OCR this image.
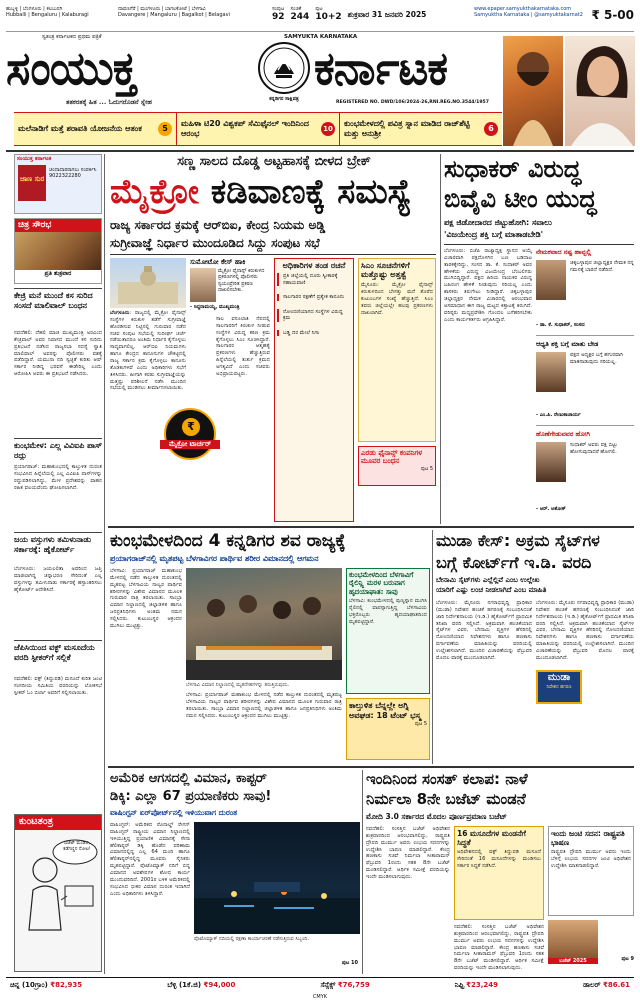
ಹುಬ್ಬಳ್ಳಿ | ಬೆಂಗಳೂರು | ಕಲಬುರಗಿ
Hubballi | Bengaluru | Kalaburagi
ದಾವಣಗೆರೆ | ಮಂಗಳೂರು | ಬಾಗಲಕೋಟೆ | ಬೆಳಗಾವಿ
Davangere | Mangaluru | Bagalkot | Belagavi
ಸಂಪುಟ
92
ಸಂಚಿಕೆ
244
ಪುಟ
10+2 ಶುಕ್ರವಾರ 31 ಜನವರಿ 2025
www.epaper.samyukthakarnataka.com
Samyuktha Karnataka | @samyuktakarnat2 ₹ 5-00
ಸ್ವತಂತ್ರ ಕರ್ನಾಟಕದ ಪ್ರಥಮ ಪತ್ರಿಕೆ	SAMYUKTA KARNATAKA
ಸಂಯುಕ್ತ
ಕನ್ನಡಿಗರ ಸಾಕ್ಷಿಪತ್ರ
ಕರ್ನಾಟಕ
ತತಕರತಕ್ಕೆ ಹಿತ ... ಓದುಗರೊಡನೆ ಸ್ನೇಹ	REGISTERED NO. DWD/106/2024-26,RNI.REG.NO.3544/1957
ಮಲೆನಾಡಿಗೆ ಮತ್ತೆ ಶರಾವತಿ ಯೋಜನೆಯ ಆತಂಕ	5
ಮಹಿಳಾ ಟಿ20 ವಿಶ್ವಕಪ್ ಸೆಮಿಫೈನಲ್ ಇಂದಿನಿಂದ ಆರಂಭ	10
ಕುಂಭಮೇಳದಲ್ಲಿ ಪವಿತ್ರ ಸ್ನಾನ ಮಾಡಿದ ರಾಜ್‌ಶೆಟ್ಟಿ ಮತ್ತು ಅನುಶ್ರೀ
6
ಸಂಯುಕ್ತ ಕರ್ನಾಟಕ
ಜಾಣ ಸುರ
ಚಂದಾದಾರರಾಗಲು ಸಂಪರ್ಕಿಸಿ 9022322280
ಚಿತ್ರ ಸೌರಭ
ಪ್ರತಿ ಶುಕ್ರವಾರ
ಕೇಜ್ರಿ ಮನೆ ಮುಂದೆ ಕಸ ಸುರಿದ ಸಂಸದೆ ಮಾಲಿವಾಲ್ ಬಂಧನ
ನವದೆಹಲಿ: ದೆಹಲಿ ಮಾಜಿ ಮುಖ್ಯಮಂತ್ರಿ ಅರವಿಂದ ಕೇಜ್ರಿವಾಲ್ ಅವರ ನಿವಾಸದ ಮುಂದೆ ಕಸ ಸುರಿದು ಪ್ರತಿಭಟನೆ ನಡೆಸಿದ ರಾಜ್ಯಸಭಾ ಸದಸ್ಯೆ ಸ್ವಾತಿ ಮಾಲಿವಾಲ್ ಅವರನ್ನು ಪೊಲೀಸರು ವಶಕ್ಕೆ ಪಡೆದಿದ್ದಾರೆ. ಯಮುನಾ ನದಿ ಸ್ವಚ್ಛತೆ ಕುರಿತು ಆಪ್ ಸರ್ಕಾರ ನೀಡಿದ್ದ ಭರವಸೆ ಈಡೇರಿಲ್ಲ ಎಂದು ಆರೋಪಿಸಿ ಅವರು ಈ ಪ್ರತಿಭಟನೆ ನಡೆಸಿದರು.
ಕುಂಭಮೇಳ: ಎಲ್ಲ ವಿವಿಐಪಿ ಪಾಸ್ ರದ್ದು
ಪ್ರಯಾಗರಾಜ್: ಮಹಾಕುಂಭದಲ್ಲಿ ಕಾಲ್ತುಳಿತ ದುರಂತ ಸಂಭವಿಸಿದ ಹಿನ್ನೆಲೆಯಲ್ಲಿ ಎಲ್ಲ ವಿವಿಐಪಿ ಪಾಸ್‌ಗಳನ್ನು ರದ್ದುಪಡಿಸಲಾಗಿದ್ದು, ಮೇಳ ಪ್ರದೇಶವನ್ನು ವಾಹನ ರಹಿತ ವಲಯವೆಂದು ಘೋಷಿಸಲಾಗಿದೆ.
ಜಯ ವಸ್ತುಗಳು ತಮಿಳುನಾಡು ಸರ್ಕಾರಕ್ಕೆ: ಹೈಕೋರ್ಟ್
ಬೆಂಗಳೂರು: ಜಯಲಲಿತಾ ಅವರಿಂದ ಜಪ್ತಿ ಮಾಡಲಾಗಿದ್ದ ಚಿನ್ನಾಭರಣ ಸೇರಿದಂತೆ ಎಲ್ಲ ವಸ್ತುಗಳನ್ನು ತಮಿಳುನಾಡು ಸರ್ಕಾರಕ್ಕೆ ಹಸ್ತಾಂತರಿಸಲು ಹೈಕೋರ್ಟ್ ಆದೇಶಿಸಿದೆ.
ಜೆಪಿಸಿಯಿಂದ ವಕ್ಫ್ ಮಸೂದೆಯ ವರದಿ ಸ್ಪೀಕರ್‌ಗೆ ಸಲ್ಲಿಕೆ
ನವದೆಹಲಿ: ವಕ್ಫ್ (ತಿದ್ದುಪಡಿ) ಮಸೂದೆ ಕುರಿತ ಜಂಟಿ ಸಂಸದೀಯ ಸಮಿತಿಯ ವರದಿಯನ್ನು ಲೋಕಸಭೆ ಸ್ಪೀಕರ್ ಓಂ ಬಿರ್ಲಾ ಅವರಿಗೆ ಸಲ್ಲಿಸಲಾಯಿತು.
ಕುಂಟತಂತ್ರ
ಬಜೆಟ್ ಮಂಡನೆ, ಕಡೆಗಣ್ಣಿನ ನೋಟ!
ಸಣ್ಣ ಸಾಲದ ದೊಡ್ಡ ಅಟ್ಟಹಾಸಕ್ಕೆ ಬೀಳದ ಬ್ರೇಕ್
ಮೈಕ್ರೋ ಕಡಿವಾಣಕ್ಕೆ ಸಮಸ್ಯೆ
ರಾಜ್ಯ ಸರ್ಕಾರದ ಕ್ರಮಕ್ಕೆ ಆರ್‌ಬಿಐ, ಕೇಂದ್ರ ನಿಯಮ ಅಡ್ಡಿ
ಸುಗ್ರೀವಾಜ್ಞೆ ನಿರ್ಧಾರ ಮುಂದೂಡಿದ ಸಿದ್ದು ಸಂಪುಟ ಸಭೆ
ಬೆಂಗಳೂರು: ರಾಜ್ಯದಲ್ಲಿ ಮೈಕ್ರೋ ಫೈನಾನ್ಸ್ ಸಂಸ್ಥೆಗಳ ಕಿರುಕುಳ ತಡೆಗೆ ಸುಗ್ರೀವಾಜ್ಞೆ ಹೊರಡಿಸುವ ನಿಟ್ಟಿನಲ್ಲಿ ಗುರುವಾರ ನಡೆದ ಸಚಿವ ಸಂಪುಟ ಸಭೆಯಲ್ಲಿ ಸುದೀರ್ಘ ಚರ್ಚೆ ನಡೆಯಿತಾದರೂ ಅಂತಿಮ ನಿರ್ಧಾರ ಕೈಗೊಳ್ಳಲು ಸಾಧ್ಯವಾಗಲಿಲ್ಲ. ಆರ್‌ಬಿಐ ನಿಯಮಗಳು ಹಾಗೂ ಕೇಂದ್ರದ ಕಾನೂನುಗಳ ಚೌಕಟ್ಟಿನಲ್ಲಿ ರಾಜ್ಯ ಸರ್ಕಾರ ಕ್ರಮ ಕೈಗೊಳ್ಳಲು ಕಾನೂನು ತೊಡಕುಗಳಿವೆ ಎಂದು ಅಧಿಕಾರಿಗಳು ಸಭೆಗೆ ತಿಳಿಸಿದರು. ಹೀಗಾಗಿ ಕರಡು ಸುಗ್ರೀವಾಜ್ಞೆಯನ್ನು ಮತ್ತಷ್ಟು ಪರಿಶೀಲನೆ ನಡೆಸಿ ಮುಂದಿನ ಸಭೆಯಲ್ಲಿ ಮಂಡಿಸಲು ತೀರ್ಮಾನಿಸಲಾಯಿತು.
₹
ಮೈಕ್ರೋ ಟಾರ್ಚರ್
ಸುಮೋಟೋ ಕೇಸ್ ಹಾಕಿ
ಮೈಕ್ರೋ ಫೈನಾನ್ಸ್ ಕಿರುಕುಳದ ಪ್ರಕರಣಗಳಲ್ಲಿ ಪೊಲೀಸರು ಸ್ವಯಂಪ್ರೇರಿತ ಪ್ರಕರಣ ದಾಖಲಿಸಬೇಕು.
- ಸಿದ್ದರಾಮಯ್ಯ, ಮುಖ್ಯಮಂತ್ರಿ
ಸಾಲ ವಸೂಲಾತಿ ನೆಪದಲ್ಲಿ ಸಾಲಗಾರರಿಗೆ ಕಿರುಕುಳ ನೀಡುವ ಸಂಸ್ಥೆಗಳ ವಿರುದ್ಧ ಕಠಿಣ ಕ್ರಮ ಕೈಗೊಳ್ಳಲು ಸಿಎಂ ಸೂಚಿಸಿದ್ದಾರೆ. ಸಾಲಗಾರರ ಆತ್ಮಹತ್ಯೆ ಪ್ರಕರಣಗಳು ಹೆಚ್ಚುತ್ತಿರುವ ಹಿನ್ನೆಲೆಯಲ್ಲಿ ತುರ್ತು ಕ್ರಮದ ಅಗತ್ಯವಿದೆ ಎಂದು ಸಚಿವರು ಅಭಿಪ್ರಾಯಪಟ್ಟರು.
ಅಧಿಕಾರಿಗಳ ತಂಡ ರಚನೆ
ಪ್ರತಿ ಜಿಲ್ಲೆಯಲ್ಲಿ ದೂರು ಸ್ವೀಕಾರಕ್ಕೆ ಸಹಾಯವಾಣಿ
ಸಾಲಗಾರರ ರಕ್ಷಣೆಗೆ ಪ್ರತ್ಯೇಕ ಕಾನೂನು
ನೋಂದಣಿಯಾಗದ ಸಂಸ್ಥೆಗಳ ವಿರುದ್ಧ ಕ್ರಮ
ಬಡ್ಡಿ ದರ ಮೇಲೆ ನಿಗಾ
ಸಿಎಂ ಸೂಚನೆಗಳಿಗೆ ಮತ್ತೊಷ್ಟು ಅತ್ತತ್ವೆ
ಮೈಸೂರು: ಮೈಕ್ರೋ ಫೈನಾನ್ಸ್ ಕಿರುಕುಳದಿಂದ ಬೇಸತ್ತು ಮನೆ ತೊರೆದ ಕುಟುಂಬಗಳ ಸಂಖ್ಯೆ ಹೆಚ್ಚುತ್ತಿದೆ. ಸಿಎಂ ತವರು ಜಿಲ್ಲೆಯಲ್ಲೇ ಹಲವು ಪ್ರಕರಣಗಳು ದಾಖಲಾಗಿವೆ.
ಎರಡು ಫೈನಾನ್ಸ್ ಕಂಪನಿಗಳ ಮೂವರ ಬಂಧನ
ಪುಟ 5
ಸುಧಾಕರ್ ವಿರುದ್ಧ
ಬಿವೈವಿ ಟೀಂ ಯುದ್ಧ
ಪಕ್ಷ ಜಿಡೋದಾರದ ಜಿಟ್ಟುಹೋಗಿ: ಸವಾಲು
'ವಿಜಯೇಂದ್ರ ಶಕ್ತಿ ಬಗ್ಗೆ ಮಾತಾಡಬೇಡಿ'
ಬೆಂಗಳೂರು: ಬಿಜೆಪಿ ರಾಜ್ಯಾಧ್ಯಕ್ಷ ಸ್ಥಾನದ ಆಯ್ಕೆ ವಿಚಾರವಾಗಿ ಪಕ್ಷದೊಳಗಿನ ಬಣ ಬಡಿದಾಟ ತಾರಕಕ್ಕೇರಿದ್ದು, ಸಂಸದ ಡಾ. ಕೆ. ಸುಧಾಕರ್ ಅವರ ಹೇಳಿಕೆಯ ವಿರುದ್ಧ ವಿಜಯೇಂದ್ರ ಬೆಂಬಲಿಗರು ಮುಗಿಬಿದ್ದಿದ್ದಾರೆ. ಪಕ್ಷದ ಹಿರಿಯ ನಾಯಕರ ವಿರುದ್ಧ ಬಹಿರಂಗ ಹೇಳಿಕೆ ನೀಡುವುದು ಸರಿಯಲ್ಲ ಎಂದು ಶಾಸಕರು ತಿರುಗೇಟು ನೀಡಿದ್ದಾರೆ. ಚಿಕ್ಕಬಳ್ಳಾಪುರ ಜಿಲ್ಲಾಧ್ಯಕ್ಷರ ನೇಮಕ ವಿಚಾರದಲ್ಲಿ ಆರಂಭವಾದ ಅಸಮಾಧಾನ ಈಗ ರಾಜ್ಯ ಮಟ್ಟದ ಕಿತ್ತಾಟಕ್ಕೆ ತಿರುಗಿದೆ. ವರಿಷ್ಠರು ಮಧ್ಯಪ್ರವೇಶಿಸಿ ಗೊಂದಲ ಬಗೆಹರಿಸಬೇಕು ಎಂದು ಕಾರ್ಯಕರ್ತರು ಆಗ್ರಹಿಸಿದ್ದಾರೆ.
ನೇಮಕವಾದ ನಷ್ಟ ಹಾವ್ಬಲ್ಲಿ
ಚಿಕ್ಕಬಳ್ಳಾಪುರ ಜಿಲ್ಲಾಧ್ಯಕ್ಷರ ನೇಮಕ ನನ್ನ ಗಮನಕ್ಕೆ ಬಾರದೆ ನಡೆದಿದೆ.
- ಡಾ. ಕೆ. ಸುಧಾಕರ್, ಸಂಸದ
ಆಧ್ಯತಿ ಶಕ್ತಿ ಬಗ್ಗೆ ಮಾತು ಬೇಡ
ಪಕ್ಷದ ಅಧ್ಯಕ್ಷರ ಬಗ್ಗೆ ಹಗುರವಾಗಿ ಮಾತನಾಡುವುದು ಸರಿಯಲ್ಲ.
- ಎಂ.ಪಿ. ರೇಣುಕಾಚಾರ್ಯ
ಹೊಣೆಗೇಡುವವರ ಹೋಗಿ
ಸುಧಾಕರ್ ಅವರು ಪಕ್ಷ ಬಿಟ್ಟು ಹೋಗುವುದಾದರೆ ಹೋಗಲಿ.
- ಆರ್. ಅಶೋಕ್
ಕುಂಭಮೇಳದಿಂದ 4 ಕನ್ನಡಿಗರ ಶವ ರಾಜ್ಯಕ್ಕೆ
ಪ್ರಯಾಗರಾಜ್‌ನಲ್ಲಿ ಮೃತಪಟ್ಟ ಬೆಳಗಾವಿಗರ ಪಾರ್ಥಿವ ಶರೀರ ವಿಮಾನದಲ್ಲಿ ಆಗಮನ
ಬೆಳಗಾವಿ: ಪ್ರಯಾಗರಾಜ್ ಮಹಾಕುಂಭ ಮೇಳದಲ್ಲಿ ನಡೆದ ಕಾಲ್ತುಳಿತ ದುರಂತದಲ್ಲಿ ಮೃತಪಟ್ಟ ಬೆಳಗಾವಿಯ ನಾಲ್ವರ ಪಾರ್ಥಿವ ಶರೀರಗಳನ್ನು ವಿಶೇಷ ವಿಮಾನದ ಮೂಲಕ ಗುರುವಾರ ರಾತ್ರಿ ತರಲಾಯಿತು. ಸಾಂಬ್ರಾ ವಿಮಾನ ನಿಲ್ದಾಣದಲ್ಲಿ ಜಿಲ್ಲಾಡಳಿತ ಹಾಗೂ ಜನಪ್ರತಿನಿಧಿಗಳು ಅಂತಿಮ ನಮನ ಸಲ್ಲಿಸಿದರು. ಕುಟುಂಬಸ್ಥರ ಆಕ್ರಂದನ ಮುಗಿಲು ಮುಟ್ಟಿತ್ತು.
ಬೆಳಗಾವಿ ವಿಮಾನ ನಿಲ್ದಾಣದಲ್ಲಿ ಮೃತದೇಹಗಳನ್ನು ತರುತ್ತಿರುವುದು.
ಬೆಳಗಾವಿ: ಪ್ರಯಾಗರಾಜ್ ಮಹಾಕುಂಭ ಮೇಳದಲ್ಲಿ ನಡೆದ ಕಾಲ್ತುಳಿತ ದುರಂತದಲ್ಲಿ ಮೃತಪಟ್ಟ ಬೆಳಗಾವಿಯ ನಾಲ್ವರ ಪಾರ್ಥಿವ ಶರೀರಗಳನ್ನು ವಿಶೇಷ ವಿಮಾನದ ಮೂಲಕ ಗುರುವಾರ ರಾತ್ರಿ ತರಲಾಯಿತು. ಸಾಂಬ್ರಾ ವಿಮಾನ ನಿಲ್ದಾಣದಲ್ಲಿ ಜಿಲ್ಲಾಡಳಿತ ಹಾಗೂ ಜನಪ್ರತಿನಿಧಿಗಳು ಅಂತಿಮ ನಮನ ಸಲ್ಲಿಸಿದರು. ಕುಟುಂಬಸ್ಥರ ಆಕ್ರಂದನ ಮುಗಿಲು ಮುಟ್ಟಿತ್ತು.
ಕುಂಭಮೇಳದಿಂದ ಬೆಳಗಾವಿಗೆ ರೈಲಿನ್ಲ್ಲಿ ಮರಳ ಬರುವಾಗ ಹೃದಯಾಘಾತ: ಸಾವು
ಬೆಳಗಾವಿ: ಕುಂಭಮೇಳದಲ್ಲಿ ಪುಣ್ಯಸ್ನಾನ ಮುಗಿಸಿ ರೈಲಿನಲ್ಲಿ ವಾಪಸ್ಸಾಗುತ್ತಿದ್ದ ಬೆಳಗಾವಿಯ ಭಕ್ತರೊಬ್ಬರು ಹೃದಯಾಘಾತದಿಂದ ಮೃತಪಟ್ಟಿದ್ದಾರೆ.
ಕಾಲ್ತುಳಿತ ಬೆನ್ನಲ್ಲೇ ಅಗ್ನಿ ಅವಘಡ: 18 ಟೆಂಟ್ ಭಸ್ಮ
ಪುಟ 5
ಮುಡಾ ಕೇಸ್: ಅಕ್ರಮ ಸೈಟ್‌ಗಳ
ಬಗ್ಗೆ ಕೋರ್ಟ್‌ಗೆ ಇ.ಡಿ. ವರದಿ
ಬೇನಾಮಿ ಸೈಟ್‌ಗಳು ಎಲ್ಲೆಲ್ಲಿವೆ ಎಂಬ ಉಲ್ಲೇಖ
ಯಾರಿಗೆ ಎಷ್ಟು ಲಂಚ ನೀಡಲಾಗಿದೆ ಎಂಬ ಮಾಹಿತಿ
ಬೆಂಗಳೂರು: ಮೈಸೂರು ನಗರಾಭಿವೃದ್ಧಿ ಪ್ರಾಧಿಕಾರ (ಮುಡಾ) ನಿವೇಶನ ಹಂಚಿಕೆ ಹಗರಣಕ್ಕೆ ಸಂಬಂಧಿಸಿದಂತೆ ಜಾರಿ ನಿರ್ದೇಶನಾಲಯ (ಇ.ಡಿ.) ಹೈಕೋರ್ಟ್‌ಗೆ ಪ್ರಾಥಮಿಕ ತನಿಖಾ ವರದಿ ಸಲ್ಲಿಸಿದೆ. ಅಕ್ರಮವಾಗಿ ಹಂಚಿಕೆಯಾದ ಸೈಟ್‌ಗಳ ವಿವರ, ಬೇನಾಮಿ ವ್ಯಕ್ತಿಗಳ ಹೆಸರಿನಲ್ಲಿ ನೋಂದಣಿಯಾದ ನಿವೇಶನಗಳು ಹಾಗೂ ಹಣಕಾಸು ವರ್ಗಾವಣೆಯ ಮಾಹಿತಿಯನ್ನು ವರದಿಯಲ್ಲಿ ಉಲ್ಲೇಖಿಸಲಾಗಿದೆ. ಮುಂದಿನ ವಿಚಾರಣೆಯನ್ನು ಫೆಬ್ರುವರಿ ಮೊದಲ ವಾರಕ್ಕೆ ಮುಂದೂಡಲಾಗಿದೆ.
ಬೆಂಗಳೂರು: ಮೈಸೂರು ನಗರಾಭಿವೃದ್ಧಿ ಪ್ರಾಧಿಕಾರ (ಮುಡಾ) ನಿವೇಶನ ಹಂಚಿಕೆ ಹಗರಣಕ್ಕೆ ಸಂಬಂಧಿಸಿದಂತೆ ಜಾರಿ ನಿರ್ದೇಶನಾಲಯ (ಇ.ಡಿ.) ಹೈಕೋರ್ಟ್‌ಗೆ ಪ್ರಾಥಮಿಕ ತನಿಖಾ ವರದಿ ಸಲ್ಲಿಸಿದೆ. ಅಕ್ರಮವಾಗಿ ಹಂಚಿಕೆಯಾದ ಸೈಟ್‌ಗಳ ವಿವರ, ಬೇನಾಮಿ ವ್ಯಕ್ತಿಗಳ ಹೆಸರಿನಲ್ಲಿ ನೋಂದಣಿಯಾದ ನಿವೇಶನಗಳು ಹಾಗೂ ಹಣಕಾಸು ವರ್ಗಾವಣೆಯ ಮಾಹಿತಿಯನ್ನು ವರದಿಯಲ್ಲಿ ಉಲ್ಲೇಖಿಸಲಾಗಿದೆ. ಮುಂದಿನ ವಿಚಾರಣೆಯನ್ನು ಫೆಬ್ರುವರಿ ಮೊದಲ ವಾರಕ್ಕೆ ಮುಂದೂಡಲಾಗಿದೆ.
ಮುಡಾ
ನಿವೇಶನ ಹಗರಣ
ಅಮೆರಿಕ ಆಗಸದಲ್ಲಿ ವಿಮಾನ, ಕಾಪ್ಟರ್
ಡಿಕ್ಕಿ: ಎಲ್ಲಾ 67 ಪ್ರಯಾಣಿಕರು ಸಾವು!
ವಾಷಿಂಗ್ಟನ್ ಏರ್‌ಪೋರ್ಟ್‌ನಲ್ಲಿ ಇಳಿಯುವಾಗ ದುರಂತ
ವಾಷಿಂಗ್ಟನ್: ಅಮೆರಿಕದ ರೊನಾಲ್ಡ್ ರೇಗನ್ ವಾಷಿಂಗ್ಟನ್ ರಾಷ್ಟ್ರೀಯ ವಿಮಾನ ನಿಲ್ದಾಣದಲ್ಲಿ ಇಳಿಯುತ್ತಿದ್ದ ಪ್ರಯಾಣಿಕ ವಿಮಾನಕ್ಕೆ ಸೇನಾ ಹೆಲಿಕಾಪ್ಟರ್ ಡಿಕ್ಕಿ ಹೊಡೆದ ಪರಿಣಾಮ ವಿಮಾನದಲ್ಲಿದ್ದ ಎಲ್ಲ 64 ಮಂದಿ ಹಾಗೂ ಹೆಲಿಕಾಪ್ಟರ್‌ನಲ್ಲಿದ್ದ ಮೂವರು ಸೈನಿಕರು ಮೃತಪಟ್ಟಿದ್ದಾರೆ. ಪೊಟೊಮ್ಯಾಕ್ ನದಿಗೆ ಬಿದ್ದ ವಿಮಾನದ ಅವಶೇಷಗಳ ಶೋಧ ಕಾರ್ಯ ಮುಂದುವರಿದಿದೆ. 2001ರ ಬಳಿಕ ಅಮೆರಿಕದಲ್ಲಿ ಸಂಭವಿಸಿದ ಭೀಕರ ವಿಮಾನ ದುರಂತ ಇದಾಗಿದೆ ಎಂದು ಅಧಿಕಾರಿಗಳು ತಿಳಿಸಿದ್ದಾರೆ.
ಪೊಟೊಮ್ಯಾಕ್ ನದಿಯಲ್ಲಿ ರಕ್ಷಣಾ ಕಾರ್ಯಾಚರಣೆ ನಡೆಸುತ್ತಿರುವ ಸಿಬ್ಬಂದಿ.
ಪುಟ 10
ಇಂದಿನಿಂದ ಸಂಸತ್ ಕಲಾಪ: ನಾಳೆ
ನಿರ್ಮಲಾ 8ನೇ ಬಜೆಟ್ ಮಂಡನೆ
ಮೋದಿ 3.0 ಸರ್ಕಾರದ ಮೊದಲ ಪೂರ್ಣಪ್ರಮಾಣ ಬಜೆಟ್
16 ಮಸೂದೆಗಳ ಮಂಡನೆಗೆ ಸಿದ್ಧತೆ
ಅಧಿವೇಶನದಲ್ಲಿ ವಕ್ಫ್ ತಿದ್ದುಪಡಿ ಮಸೂದೆ ಸೇರಿದಂತೆ 16 ಮಸೂದೆಗಳನ್ನು ಮಂಡಿಸಲು ಸರ್ಕಾರ ಸಿದ್ಧತೆ ನಡೆಸಿದೆ.
ನವದೆಹಲಿ: ಸಂಸತ್ತಿನ ಬಜೆಟ್ ಅಧಿವೇಶನ ಶುಕ್ರವಾರದಿಂದ ಆರಂಭವಾಗಲಿದ್ದು, ರಾಷ್ಟ್ರಪತಿ ದ್ರೌಪದಿ ಮುರ್ಮು ಅವರು ಉಭಯ ಸದನಗಳನ್ನು ಉದ್ದೇಶಿಸಿ ಭಾಷಣ ಮಾಡಲಿದ್ದಾರೆ. ಕೇಂದ್ರ ಹಣಕಾಸು ಸಚಿವೆ ನಿರ್ಮಲಾ ಸೀತಾರಾಮನ್ ಫೆಬ್ರುವರಿ 1ರಂದು ಸತತ 8ನೇ ಬಜೆಟ್ ಮಂಡಿಸಲಿದ್ದಾರೆ. ಆರ್ಥಿಕ ಸಮೀಕ್ಷೆ ವರದಿಯನ್ನು ಇಂದೇ ಮಂಡಿಸಲಾಗುವುದು.
ನವದೆಹಲಿ: ಸಂಸತ್ತಿನ ಬಜೆಟ್ ಅಧಿವೇಶನ ಶುಕ್ರವಾರದಿಂದ ಆರಂಭವಾಗಲಿದ್ದು, ರಾಷ್ಟ್ರಪತಿ ದ್ರೌಪದಿ ಮುರ್ಮು ಅವರು ಉಭಯ ಸದನಗಳನ್ನು ಉದ್ದೇಶಿಸಿ ಭಾಷಣ ಮಾಡಲಿದ್ದಾರೆ. ಕೇಂದ್ರ ಹಣಕಾಸು ಸಚಿವೆ ನಿರ್ಮಲಾ ಸೀತಾರಾಮನ್ ಫೆಬ್ರುವರಿ 1ರಂದು ಸತತ 8ನೇ ಬಜೆಟ್ ಮಂಡಿಸಲಿದ್ದಾರೆ. ಆರ್ಥಿಕ ಸಮೀಕ್ಷೆ ವರದಿಯನ್ನು ಇಂದೇ ಮಂಡಿಸಲಾಗುವುದು.
ಇಂದು ಜಂಟಿ ಸದನ: ರಾಷ್ಟ್ರಪತಿ ಭಾಷಣ
ರಾಷ್ಟ್ರಪತಿ ದ್ರೌಪದಿ ಮುರ್ಮು ಅವರು ಇಂದು ಬೆಳಿಗ್ಗೆ ಉಭಯ ಸದನಗಳ ಜಂಟಿ ಅಧಿವೇಶನ ಉದ್ದೇಶಿಸಿ ಮಾತನಾಡಲಿದ್ದಾರೆ.
ಬಜೆಟ್ 2025	ಪುಟ 9
ಚಿನ್ನ (10ಗ್ರಾಂ) ₹82,935	ಬೆಳ್ಳಿ (1ಕೆ.ಜಿ) ₹94,000	ಸೆನ್ಸೆಕ್ಸ್ ₹76,759	ನಿಫ್ಟಿ ₹23,249	ಡಾಲರ್ ₹86.61
CMYK
